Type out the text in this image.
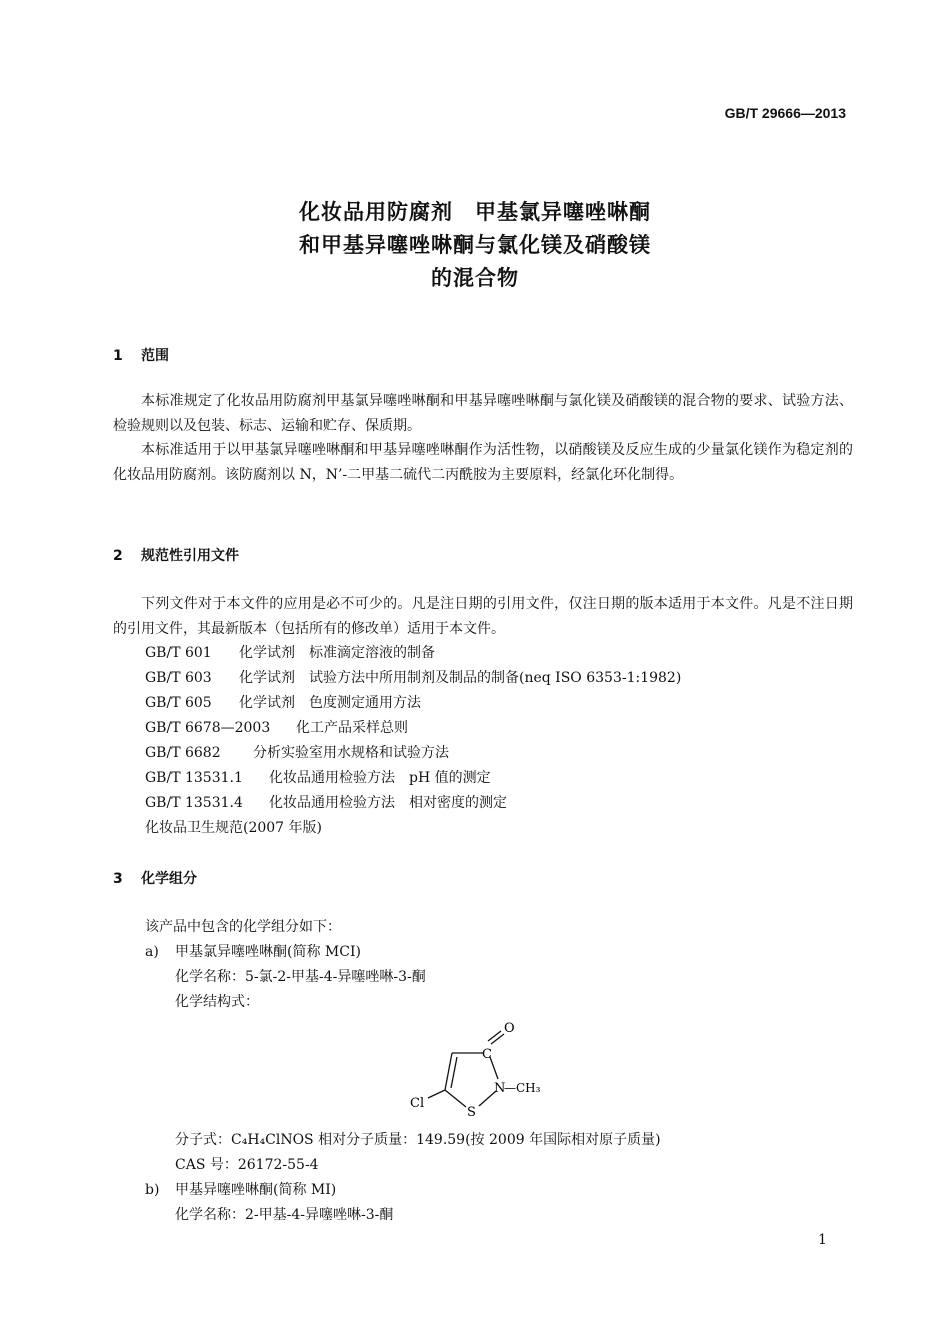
GB/T 29666—2013
化妆品用防腐剂　甲基氯异噻唑啉酮
和甲基异噻唑啉酮与氯化镁及硝酸镁
的混合物
1 范围
本标准规定了化妆品用防腐剂甲基氯异噻唑啉酮和甲基异噻唑啉酮与氯化镁及硝酸镁的混合物的要求、试验方法、检验规则以及包装、标志、运输和贮存、保质期。
本标准适用于以甲基氯异噻唑啉酮和甲基异噻唑啉酮作为活性物，以硝酸镁及反应生成的少量氯化镁作为稳定剂的化妆品用防腐剂。该防腐剂以 N，N’-二甲基二硫代二丙酰胺为主要原料，经氯化环化制得。
2 规范性引用文件
下列文件对于本文件的应用是必不可少的。凡是注日期的引用文件，仅注日期的版本适用于本文件。凡是不注日期的引用文件，其最新版本（包括所有的修改单）适用于本文件。
GB/T 601 化学试剂　标准滴定溶液的制备
GB/T 603 化学试剂　试验方法中所用制剂及制品的制备(neq ISO 6353-1:1982)
GB/T 605 化学试剂　色度测定通用方法
GB/T 6678—2003 化工产品采样总则
GB/T 6682 分析实验室用水规格和试验方法
GB/T 13531.1 化妆品通用检验方法　pH 值的测定
GB/T 13531.4 化妆品通用检验方法　相对密度的测定
化妆品卫生规范(2007 年版)
3 化学组分
该产品中包含的化学组分如下：
a) 甲基氯异噻唑啉酮(简称 MCI)
化学名称：5-氯-2-甲基-4-异噻唑啉-3-酮
化学结构式：
O
C
N
—CH₃
Cl
S
分子式：C₄H₄ClNOS 相对分子质量：149.59(按 2009 年国际相对原子质量)
CAS 号：26172-55-4
b) 甲基异噻唑啉酮(简称 MI)
化学名称：2-甲基-4-异噻唑啉-3-酮
1
